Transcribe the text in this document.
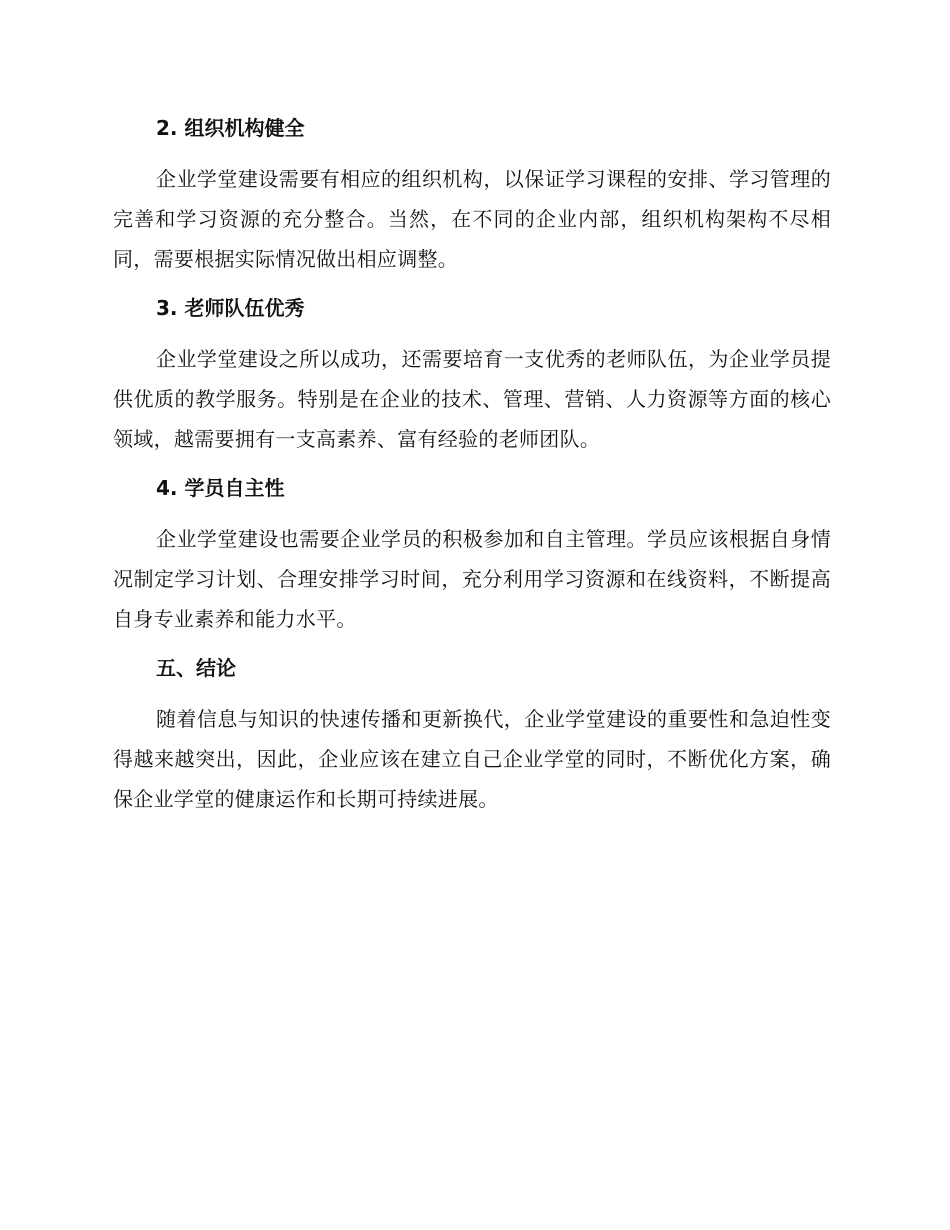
2. 组织机构健全

企业学堂建设需要有相应的组织机构，以保证学习课程的安排、学习管理的完善和学习资源的充分整合。当然，在不同的企业内部，组织机构架构不尽相同，需要根据实际情况做出相应调整。

3. 老师队伍优秀

企业学堂建设之所以成功，还需要培育一支优秀的老师队伍，为企业学员提供优质的教学服务。特别是在企业的技术、管理、营销、人力资源等方面的核心领域，越需要拥有一支高素养、富有经验的老师团队。

4. 学员自主性

企业学堂建设也需要企业学员的积极参加和自主管理。学员应该根据自身情况制定学习计划、合理安排学习时间，充分利用学习资源和在线资料，不断提高自身专业素养和能力水平。

五、结论

随着信息与知识的快速传播和更新换代，企业学堂建设的重要性和急迫性变得越来越突出，因此，企业应该在建立自己企业学堂的同时，不断优化方案，确保企业学堂的健康运作和长期可持续进展。
